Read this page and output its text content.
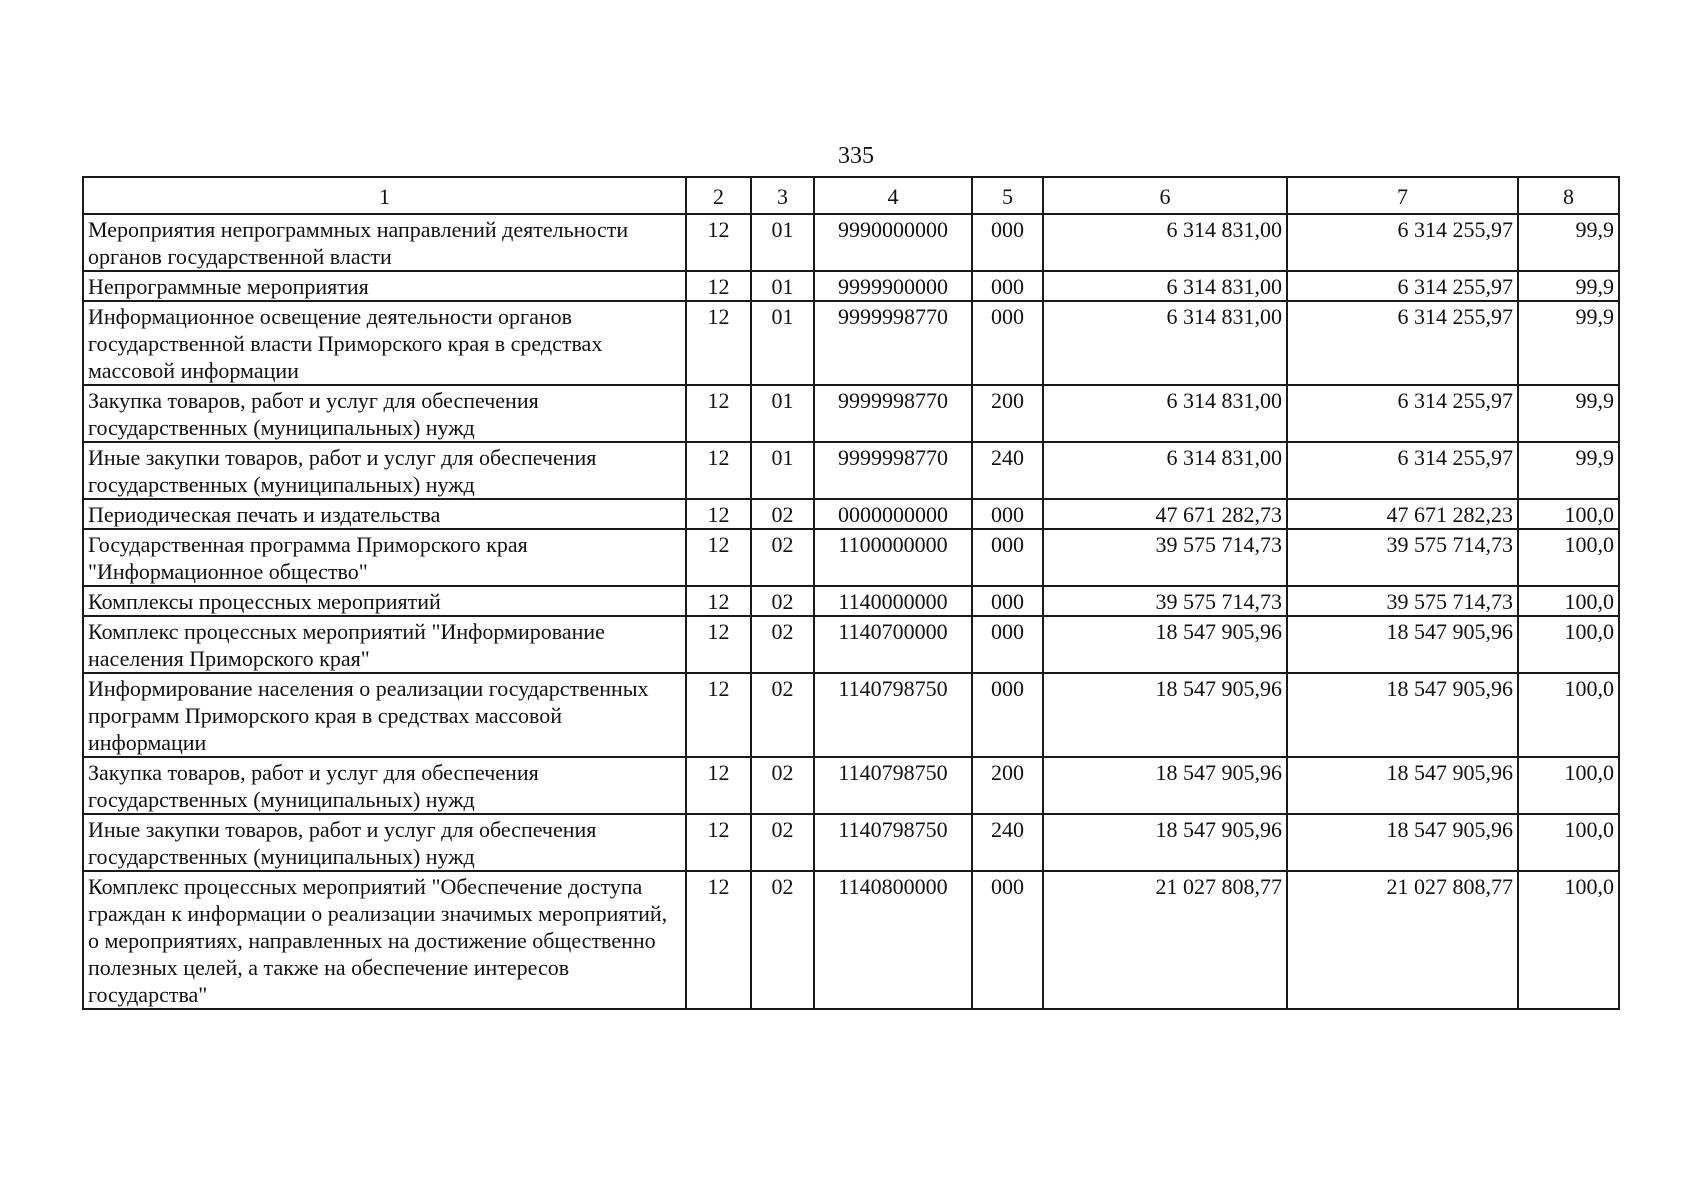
335
1	2	3	4	5	6	7	8
Мероприятия непрограммных направлений деятельности органов государственной власти	12	01	9990000000	000	6 314 831,00	6 314 255,97	99,9
Непрограммные мероприятия	12	01	9999900000	000	6 314 831,00	6 314 255,97	99,9
Информационное освещение деятельности органов государственной власти Приморского края в средствах массовой информации	12	01	9999998770	000	6 314 831,00	6 314 255,97	99,9
Закупка товаров, работ и услуг для обеспечения государственных (муниципальных) нужд	12	01	9999998770	200	6 314 831,00	6 314 255,97	99,9
Иные закупки товаров, работ и услуг для обеспечения государственных (муниципальных) нужд	12	01	9999998770	240	6 314 831,00	6 314 255,97	99,9
Периодическая печать и издательства	12	02	0000000000	000	47 671 282,73	47 671 282,23	100,0
Государственная программа Приморского края "Информационное общество"	12	02	1100000000	000	39 575 714,73	39 575 714,73	100,0
Комплексы процессных мероприятий	12	02	1140000000	000	39 575 714,73	39 575 714,73	100,0
Комплекс процессных мероприятий "Информирование населения Приморского края"	12	02	1140700000	000	18 547 905,96	18 547 905,96	100,0
Информирование населения о реализации государственных программ Приморского края в средствах массовой информации	12	02	1140798750	000	18 547 905,96	18 547 905,96	100,0
Закупка товаров, работ и услуг для обеспечения государственных (муниципальных) нужд	12	02	1140798750	200	18 547 905,96	18 547 905,96	100,0
Иные закупки товаров, работ и услуг для обеспечения государственных (муниципальных) нужд	12	02	1140798750	240	18 547 905,96	18 547 905,96	100,0
Комплекс процессных мероприятий "Обеспечение доступа граждан к информации о реализации значимых мероприятий, о мероприятиях, направленных на достижение общественно полезных целей, а также на обеспечение интересов государства"	12	02	1140800000	000	21 027 808,77	21 027 808,77	100,0
